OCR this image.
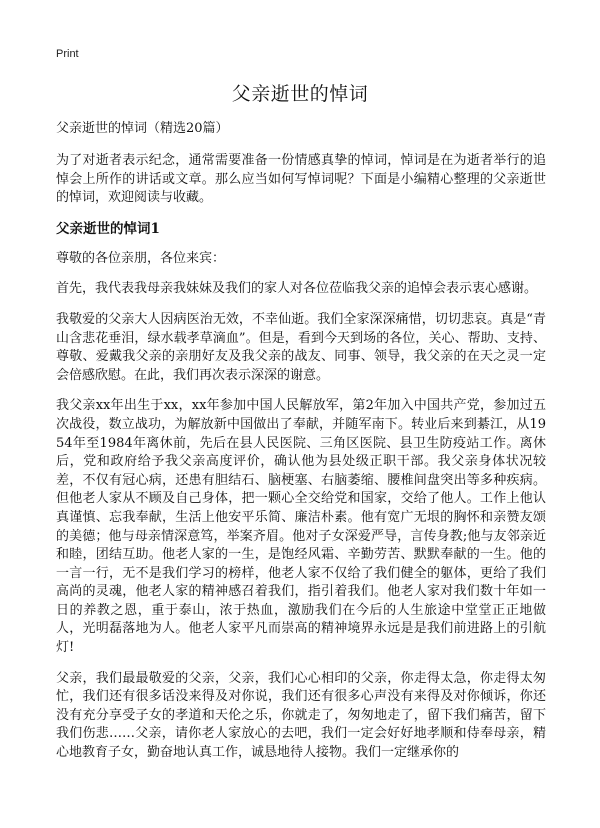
Print
父亲逝世的悼词

父亲逝世的悼词（精选20篇）

为了对逝者表示纪念，通常需要准备一份情感真挚的悼词，悼词是在为逝者举行的追悼会上所作的讲话或文章。那么应当如何写悼词呢？下面是小编精心整理的父亲逝世的悼词，欢迎阅读与收藏。

父亲逝世的悼词1

尊敬的各位亲朋，各位来宾：

首先，我代表我母亲我妹妹及我们的家人对各位莅临我父亲的追悼会表示衷心感谢。

我敬爱的父亲大人因病医治无效，不幸仙逝。我们全家深深痛惜，切切悲哀。真是“青山含悲花垂泪，绿水载孝草滴血”。但是，看到今天到场的各位，关心、帮助、支持、尊敬、爱戴我父亲的亲朋好友及我父亲的战友、同事、领导，我父亲的在天之灵一定会倍感欣慰。在此，我们再次表示深深的谢意。

我父亲xx年出生于xx，xx年参加中国人民解放军，第2年加入中国共产党，参加过五次战役，数立战功，为解放新中国做出了奉献，并随军南下。转业后来到綦江，从1954年至1984年离休前，先后在县人民医院、三角区医院、县卫生防疫站工作。离休后，党和政府给予我父亲高度评价，确认他为县处级正职干部。我父亲身体状况较差，不仅有冠心病，还患有胆结石、脑梗塞、右脑萎缩、腰椎间盘突出等多种疾病。但他老人家从不顾及自己身体，把一颗心全交给党和国家，交给了他人。工作上他认真谨慎、忘我奉献，生活上他安平乐简、廉洁朴素。他有宽广无垠的胸怀和亲赞友颂的美德；他与母亲情深意笃，举案齐眉。他对子女深爱严导，言传身教;他与友邻亲近和睦，团结互助。他老人家的一生，是饱经风霜、辛勤劳苦、默默奉献的一生。他的一言一行，无不是我们学习的榜样，他老人家不仅给了我们健全的躯体，更给了我们高尚的灵魂，他老人家的精神感召着我们，指引着我们。他老人家对我们数十年如一日的养教之恩，重于泰山，浓于热血，激励我们在今后的人生旅途中堂堂正正地做人，光明磊落地为人。他老人家平凡而崇高的精神境界永远是是我们前进路上的引航灯!

父亲，我们最最敬爱的父亲，父亲，我们心心相印的父亲，你走得太急，你走得太匆忙，我们还有很多话没来得及对你说，我们还有很多心声没有来得及对你倾诉，你还没有充分享受子女的孝道和天伦之乐，你就走了，匆匆地走了，留下我们痛苦，留下我们伤悲……父亲，请你老人家放心的去吧，我们一定会好好地孝顺和侍奉母亲，精心地教育子女，勤奋地认真工作，诚恳地待人接物。我们一定继承你的
